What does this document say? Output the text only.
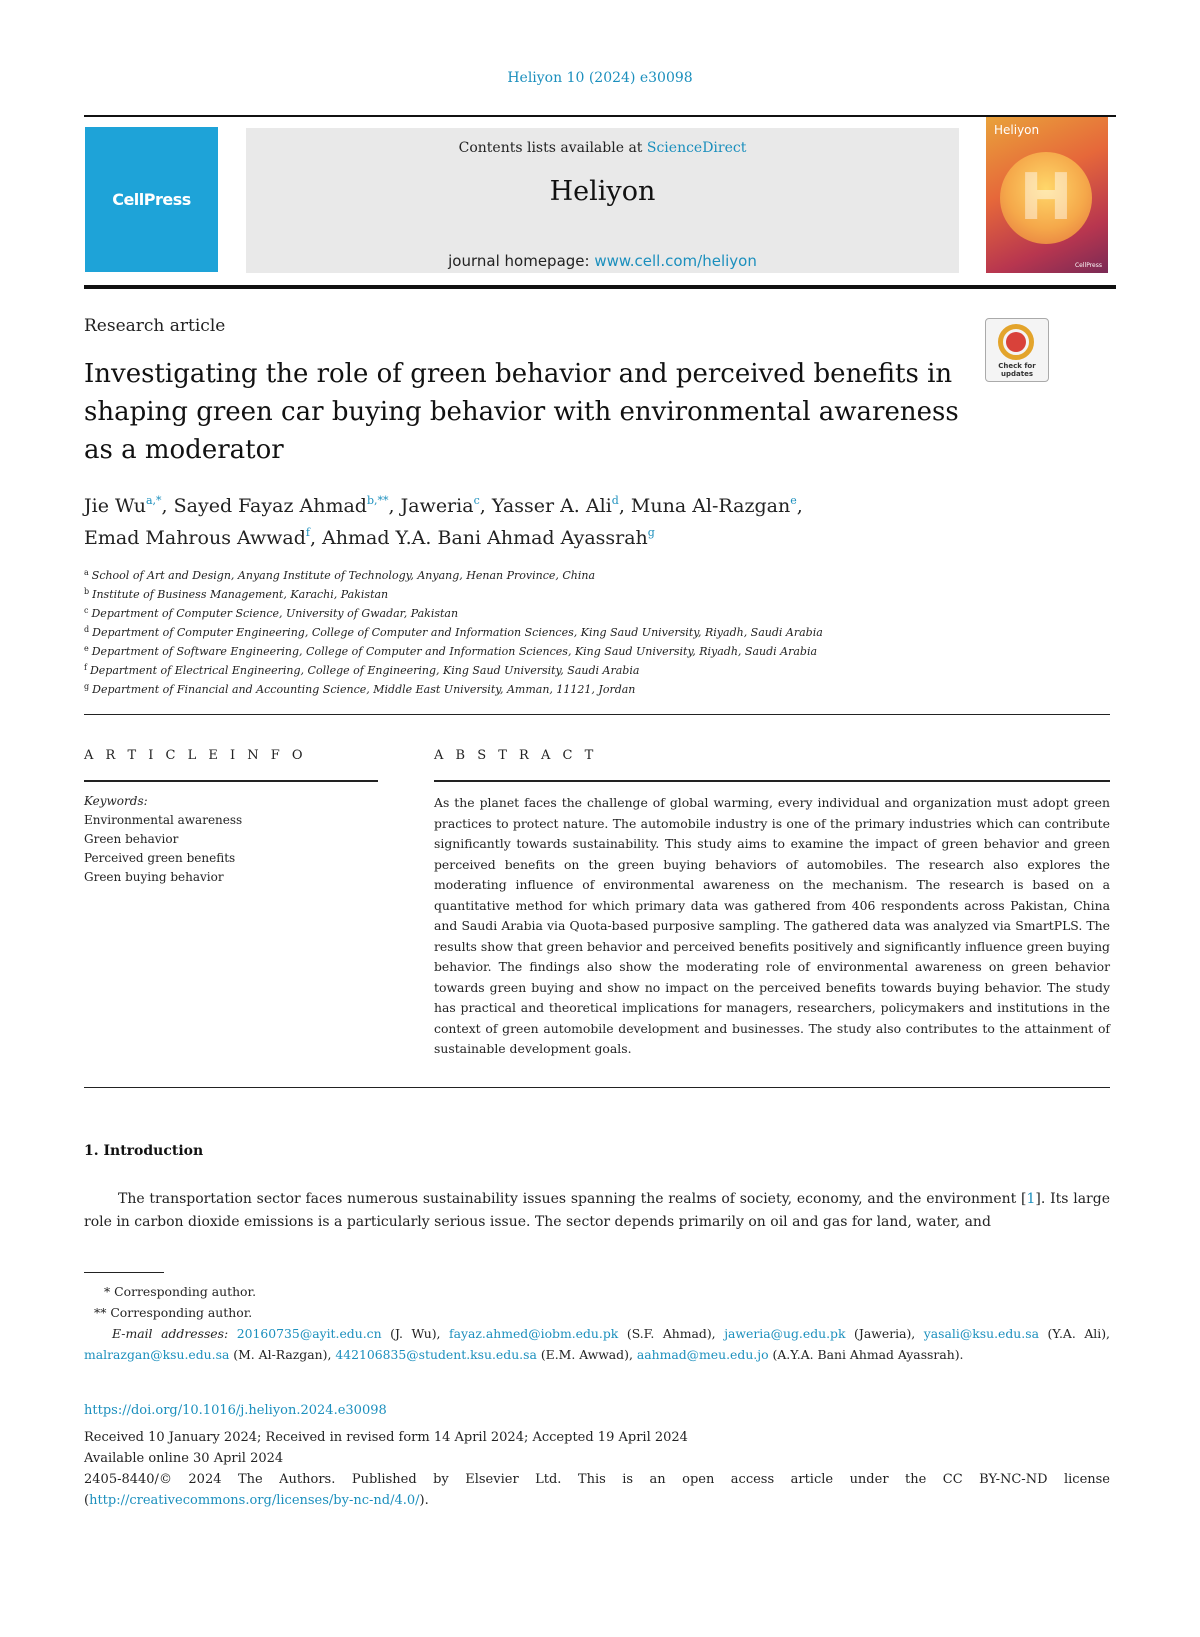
Heliyon 10 (2024) e30098
CellPress
Contents lists available at ScienceDirect
Heliyon
journal homepage: www.cell.com/heliyon
Heliyon
H
CellPress
Research article
Check for updates
Investigating the role of green behavior and perceived benefits in shaping green car buying behavior with environmental awareness as a moderator
Jie $Wu^{a,*}$, Sayed Fayaz Ahmad$^{b,**}$, Jaweria$^c$, Yasser A. Ali$^d$, Muna Al-Razgan$^e$,
Emad Mahrous Awwad$^f$, Ahmad Y.A. Bani Ahmad Ayassrah$^g$
$^a$ School of Art and Design, Anyang Institute of Technology, Anyang, Henan Province, China
$^b$ Institute of Business Management, Karachi, Pakistan
$^c$ Department of Computer Science, University of Gwadar, Pakistan
$^d$ Department of Computer Engineering, College of Computer and Information Sciences, King Saud University, Riyadh, Saudi Arabia
$^e$ Department of Software Engineering, College of Computer and Information Sciences, King Saud University, Riyadh, Saudi Arabia
$^f$ Department of Electrical Engineering, College of Engineering, King Saud University, Saudi Arabia
$^g$ Department of Financial and Accounting Science, Middle East University, Amman, 11121, Jordan
A R T I C L E I N F O	A B S T R A C T
Keywords:
Environmental awareness
Green behavior
Perceived green benefits
Green buying behavior
As the planet faces the challenge of global warming, every individual and organization must adopt green practices to protect nature. The automobile industry is one of the primary industries which can contribute significantly towards sustainability. This study aims to examine the impact of green behavior and green perceived benefits on the green buying behaviors of automobiles. The research also explores the moderating influence of environmental awareness on the mechanism. The research is based on a quantitative method for which primary data was gathered from 406 respondents across Pakistan, China and Saudi Arabia via Quota-based purposive sampling. The gathered data was analyzed via SmartPLS. The results show that green behavior and perceived benefits positively and significantly influence green buying behavior. The findings also show the moderating role of environmental awareness on green behavior towards green buying and show no impact on the perceived benefits towards buying behavior. The study has practical and theoretical implications for managers, researchers, policymakers and institutions in the context of green automobile development and businesses. The study also contributes to the attainment of sustainable development goals.
1. Introduction
The transportation sector faces numerous sustainability issues spanning the realms of society, economy, and the environment [1]. Its large role in carbon dioxide emissions is a particularly serious issue. The sector depends primarily on oil and gas for land, water, and
* Corresponding author.
** Corresponding author.
E-mail addresses: 20160735@ayit.edu.cn (J. Wu), fayaz.ahmed@iobm.edu.pk (S.F. Ahmad), jaweria@ug.edu.pk (Jaweria), yasali@ksu.edu.sa (Y.A. Ali), malrazgan@ksu.edu.sa (M. Al-Razgan), 442106835@student.ksu.edu.sa (E.M. Awwad), aahmad@meu.edu.jo (A.Y.A. Bani Ahmad Ayassrah).
https://doi.org/10.1016/j.heliyon.2024.e30098
Received 10 January 2024; Received in revised form 14 April 2024; Accepted 19 April 2024
Available online 30 April 2024
2405-8440/© 2024 The Authors. Published by Elsevier Ltd. This is an open access article under the CC BY-NC-ND license (http://creativecommons.org/licenses/by-nc-nd/4.0/).
